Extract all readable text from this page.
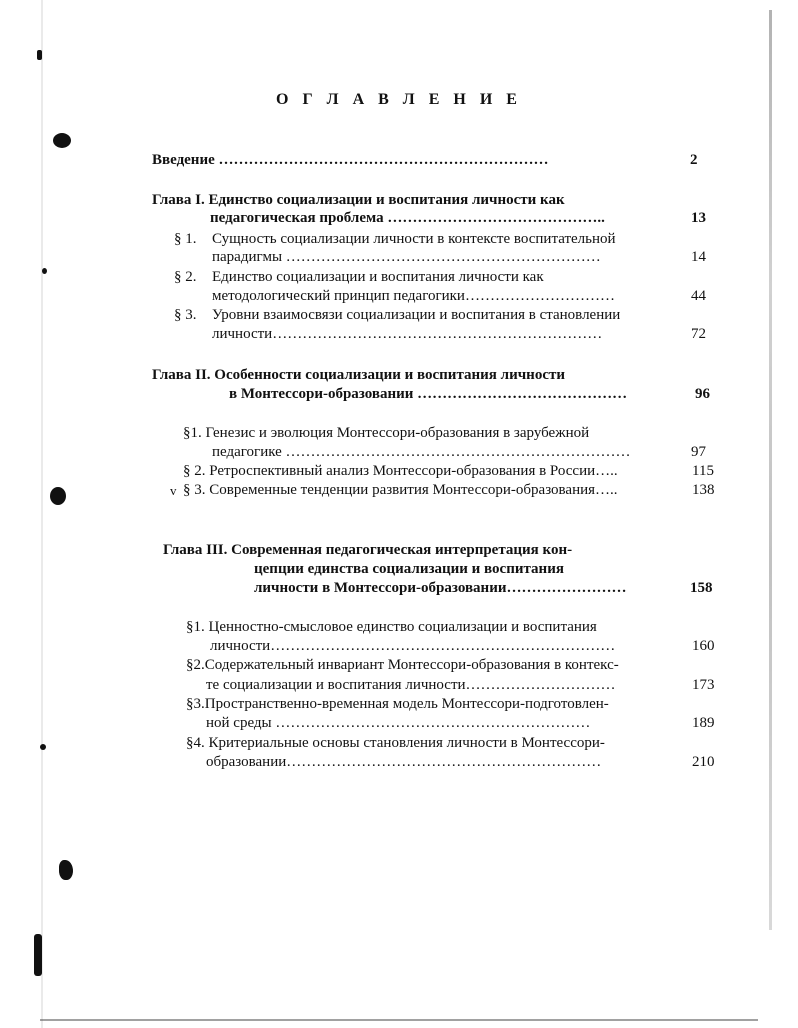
О Г Л А В Л Е Н И Е
Введение …………………………………………………………	2
Глава I. Единство социализации и воспитания личности как
педагогическая проблема ……………………………………..	13
§ 1. Сущность социализации личности в контексте воспитательной
парадигмы ………………………………………………………	14
§ 2. Единство социализации и воспитания личности как
методологический принцип педагогики…………………………	44
§ 3. Уровни взаимосвязи социализации и воспитания в становлении
личности…………………………………………………………	72
Глава II. Особенности социализации и воспитания личности
в Монтессори-образовании ……………………………………	96
§1. Генезис и эволюция Монтессори-образования в зарубежной
педагогике ……………………………………………………………	97
§ 2. Ретроспективный анализ Монтессори-образования в России…..	115
v § 3. Современные тенденции развития Монтессори-образования…..	138
Глава III. Современная педагогическая интерпретация кон-
цепции единства социализации и воспитания
личности в Монтессори-образовании……………………	158
§1. Ценностно-смысловое единство социализации и воспитания
личности……………………………………………………………	160
§2.Содержательный инвариант Монтессори-образования в контекс-
те социализации и воспитания личности…………………………	173
§3.Пространственно-временная модель Монтессори-подготовлен-
ной среды ………………………………………………………	189
§4. Критериальные основы становления личности в Монтессори-
образовании………………………………………………………	210
